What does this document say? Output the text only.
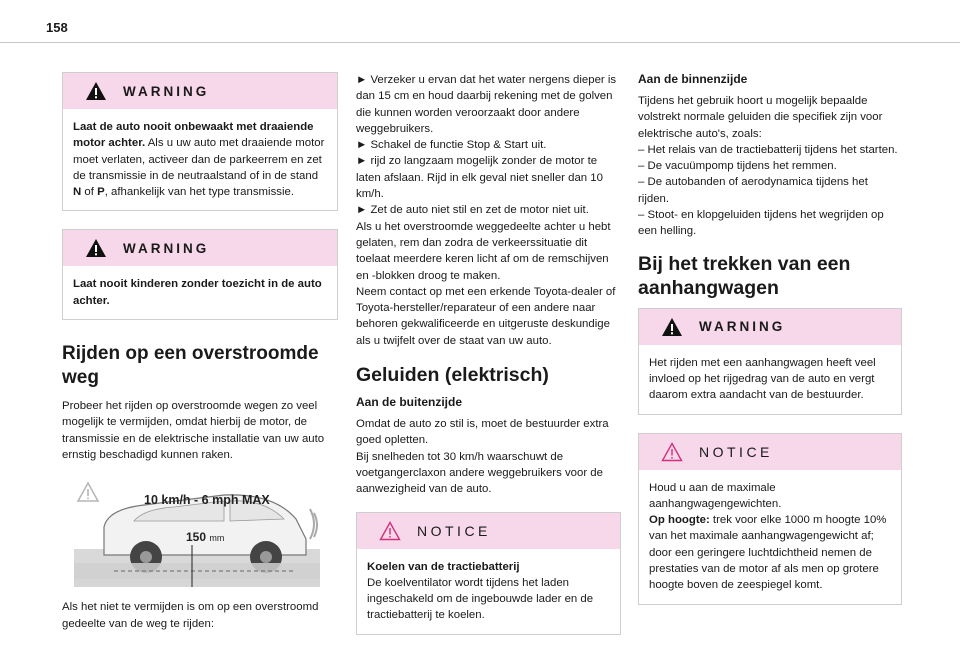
158
WARNING

Laat de auto nooit onbewaakt met draaiende motor achter. Als u uw auto met draaiende motor moet verlaten, activeer dan de parkeerrem en zet de transmissie in de neutraalstand of in de stand N of P, afhankelijk van het type transmissie.

WARNING

Laat nooit kinderen zonder toezicht in de auto achter.

Rijden op een overstroomde weg

Probeer het rijden op overstroomde wegen zo veel mogelijk te vermijden, omdat hierbij de motor, de transmissie en de elektrische installatie van uw auto ernstig beschadigd kunnen raken.

10 km/h - 6 mph MAX
150 mm

Als het niet te vermijden is om op een overstroomd gedeelte van de weg te rijden:

► Verzeker u ervan dat het water nergens dieper is dan 15 cm en houd daarbij rekening met de golven die kunnen worden veroorzaakt door andere weggebruikers.
► Schakel de functie Stop & Start uit.
► rijd zo langzaam mogelijk zonder de motor te laten afslaan. Rijd in elk geval niet sneller dan 10 km/h.
► Zet de auto niet stil en zet de motor niet uit.
Als u het overstroomde weggedeelte achter u hebt gelaten, rem dan zodra de verkeerssituatie dit toelaat meerdere keren licht af om de remschijven en -blokken droog te maken.
Neem contact op met een erkende Toyota-dealer of Toyota-hersteller/reparateur of een andere naar behoren gekwalificeerde en uitgeruste deskundige als u twijfelt over de staat van uw auto.

Geluiden (elektrisch)
Aan de buitenzijde

Omdat de auto zo stil is, moet de bestuurder extra goed opletten.
Bij snelheden tot 30 km/h waarschuwt de voetgangerclaxon andere weggebruikers voor de aanwezigheid van de auto.

NOTICE

Koelen van de tractiebatterij

De koelventilator wordt tijdens het laden ingeschakeld om de ingebouwde lader en de tractiebatterij te koelen.

Aan de binnenzijde

Tijdens het gebruik hoort u mogelijk bepaalde volstrekt normale geluiden die specifiek zijn voor elektrische auto's, zoals:
– Het relais van de tractiebatterij tijdens het starten.
– De vacuümpomp tijdens het remmen.
– De autobanden of aerodynamica tijdens het rijden.
– Stoot- en klopgeluiden tijdens het wegrijden op een helling.

Bij het trekken van een aanhangwagen
WARNING

Het rijden met een aanhangwagen heeft veel invloed op het rijgedrag van de auto en vergt daarom extra aandacht van de bestuurder.

NOTICE

Houd u aan de maximale aanhangwagengewichten.

Op hoogte: trek voor elke 1000 m hoogte 10% van het maximale aanhangwagengewicht af; door een geringere luchtdichtheid nemen de prestaties van de motor af als men op grotere hoogte boven de zeespiegel komt.
